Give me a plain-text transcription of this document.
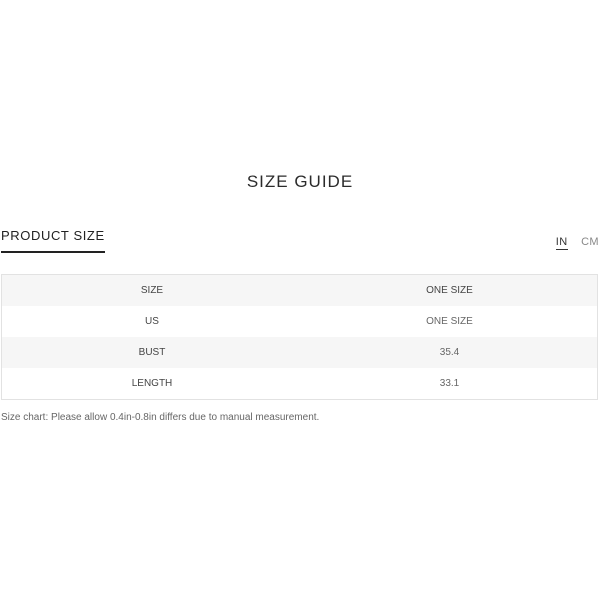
SIZE GUIDE
PRODUCT SIZE	IN CM
SIZE	ONE SIZE
US	ONE SIZE
BUST	35.4
LENGTH	33.1
Size chart: Please allow 0.4in-0.8in differs due to manual measurement.
